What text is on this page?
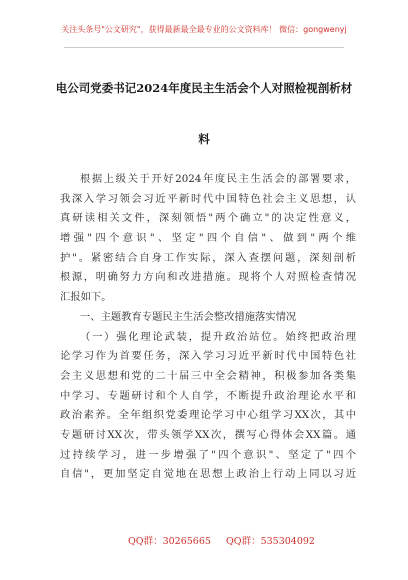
关注头条号"公文研究"，获得最新最全最专业的公文资料库！ 微信：gongwenyj
电公司党委书记2024年度民主生活会个人对照检视剖析材
料
根据上级关于开好2024年度民主生活会的部署要求，
我深入学习领会习近平新时代中国特色社会主义思想，认
真研读相关文件，深刻领悟"两个确立"的决定性意义，
增强"四个意识"、坚定"四个自信"、做到"两个维
护"。紧密结合自身工作实际，深入查摆问题，深刻剖析
根源，明确努力方向和改进措施。现将个人对照检查情况
汇报如下。
一、主题教育专题民主生活会整改措施落实情况
（一）强化理论武装，提升政治站位。始终把政治理
论学习作为首要任务，深入学习习近平新时代中国特色社
会主义思想和党的二十届三中全会精神，积极参加各类集
中学习、专题研讨和个人自学，不断提升政治理论水平和
政治素养。全年组织党委理论学习中心组学习XX次，其中
专题研讨XX次，带头领学XX次，撰写心得体会XX篇。通
过持续学习，进一步增强了"四个意识"、坚定了"四个
自信"，更加坚定自觉地在思想上政治上行动上同以习近
QQ群：30265665 QQ群：535304092
